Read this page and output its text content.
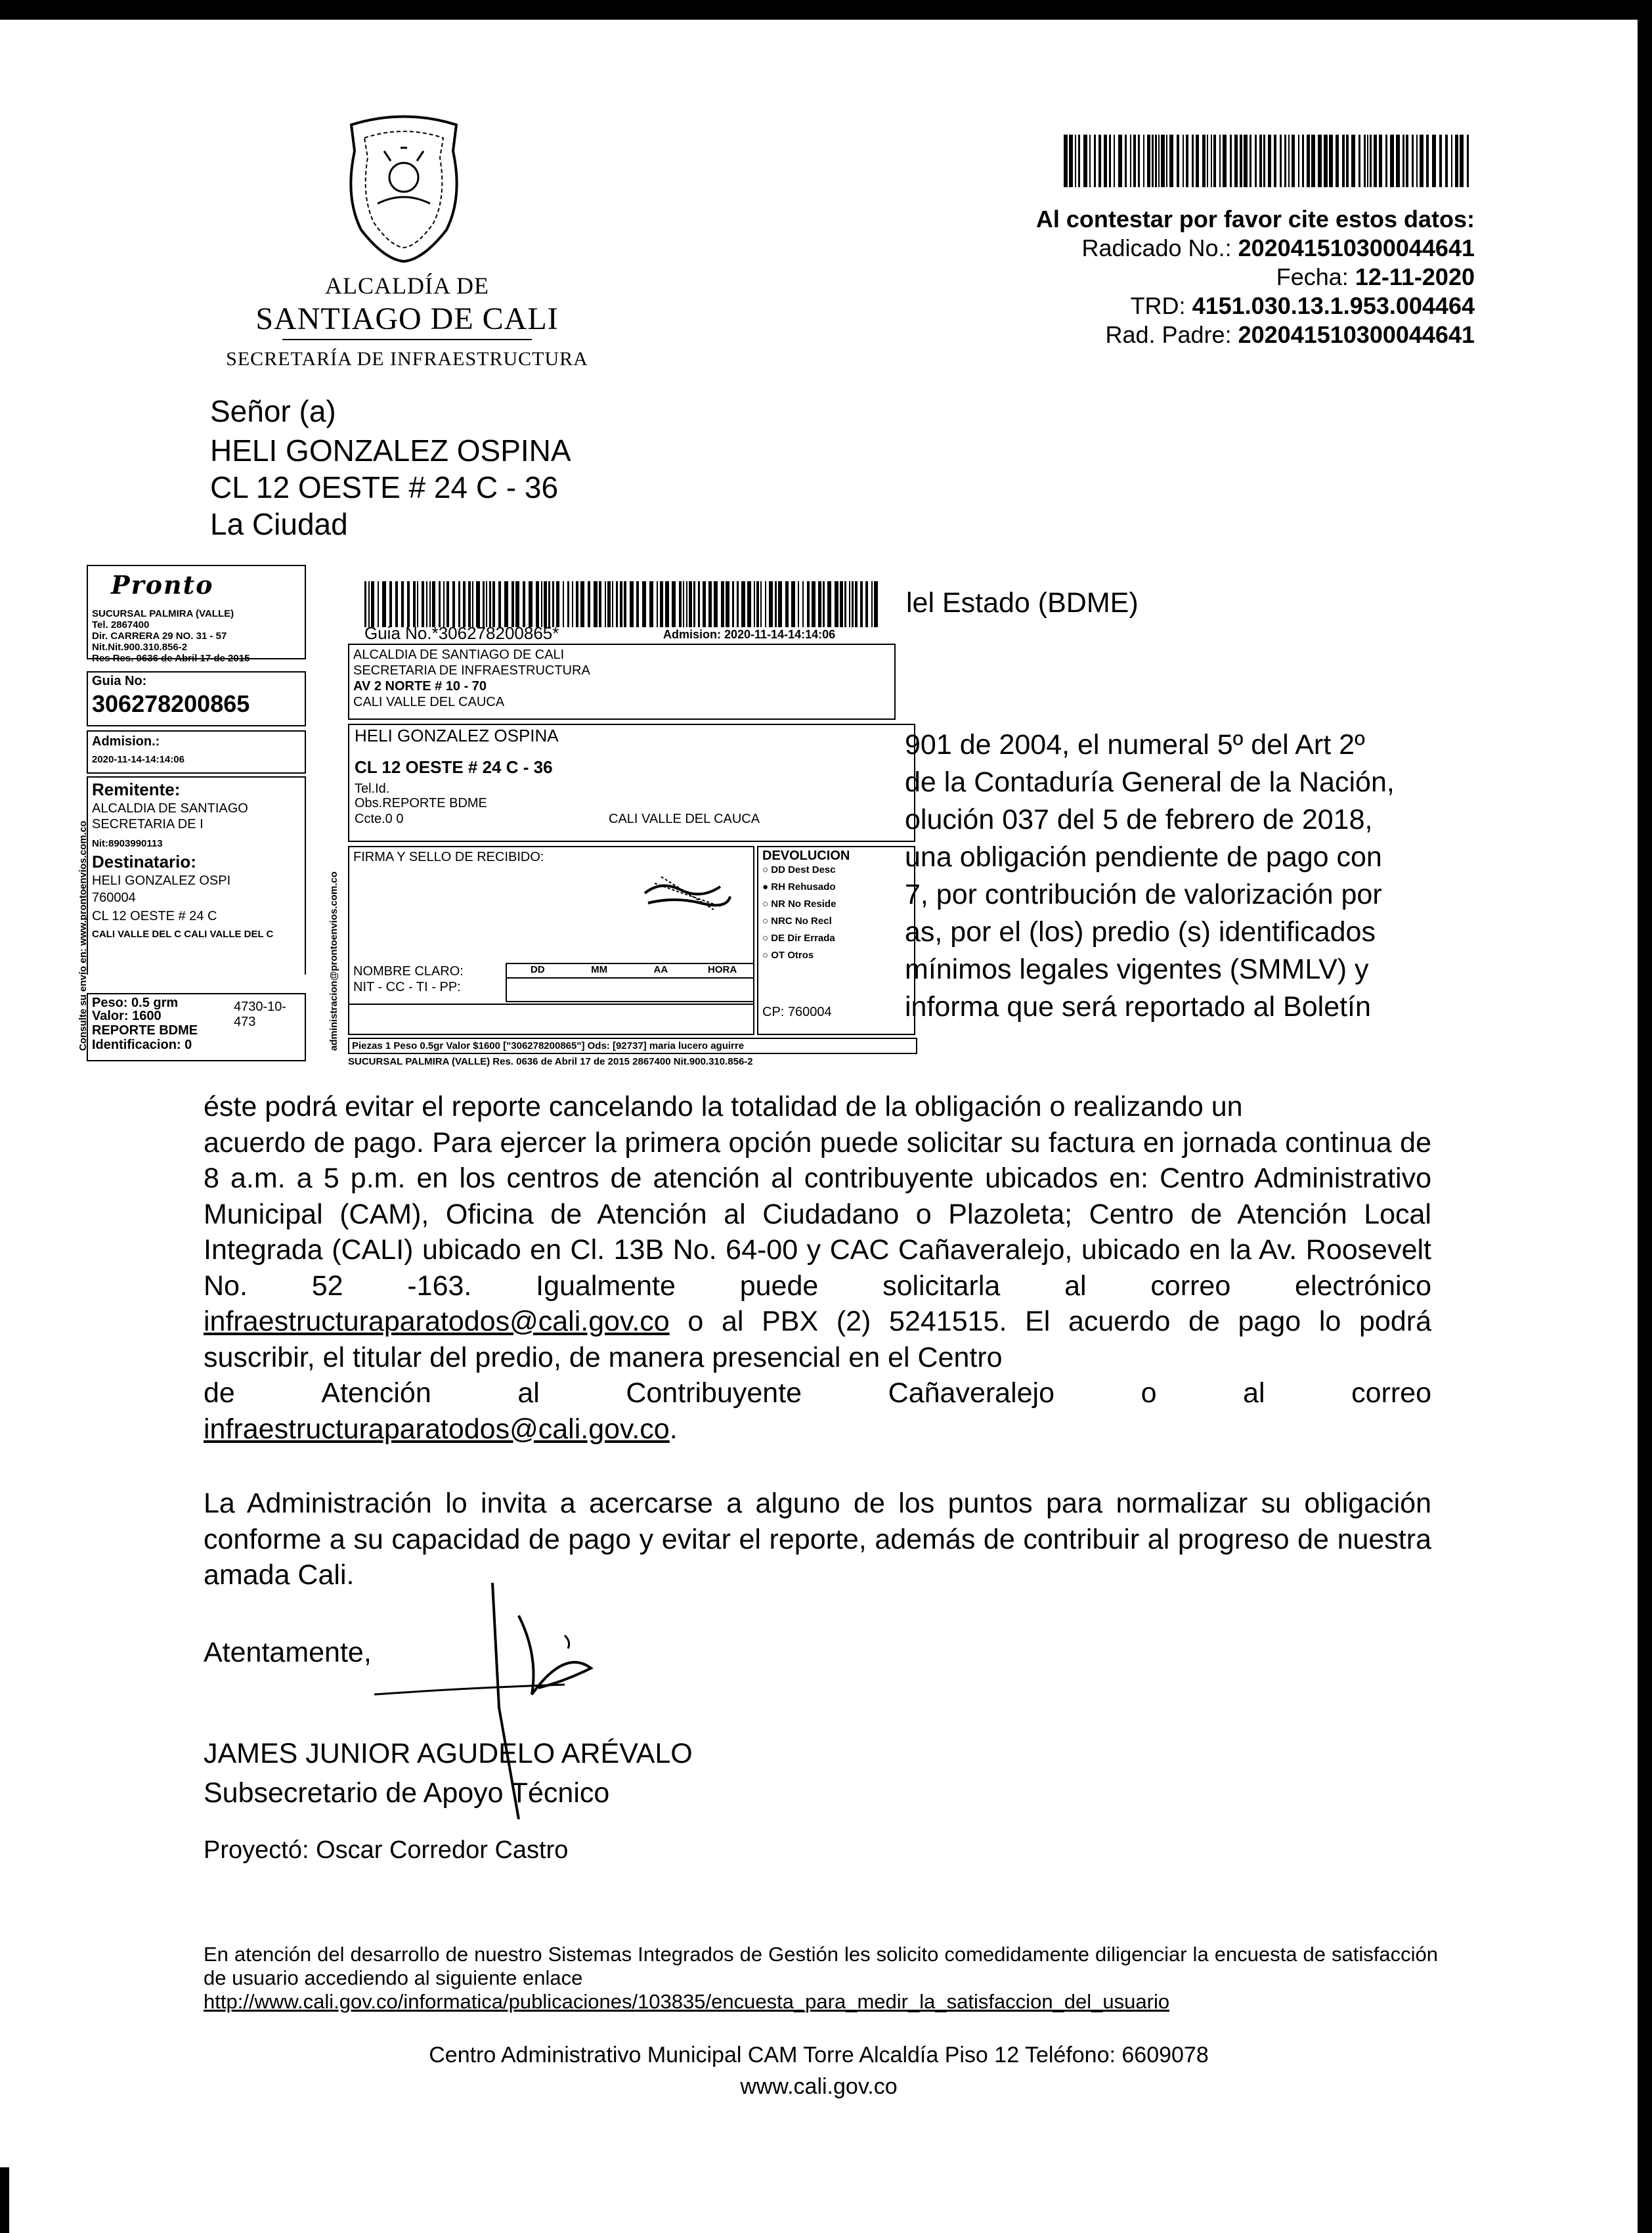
ALCALDÍA DE
SANTIAGO DE CALI
SECRETARÍA DE INFRAESTRUCTURA
Al contestar por favor cite estos datos:
Radicado No.: 202041510300044641
Fecha: 12-11-2020
TRD: 4151.030.13.1.953.004464
Rad. Padre: 202041510300044641
Señor (a)
HELI GONZALEZ OSPINA
CL 12 OESTE # 24 C - 36
La Ciudad
Pronto
SUCURSAL PALMIRA (VALLE)
Tel. 2867400
Dir. CARRERA 29 NO. 31 - 57
Nit.Nit.900.310.856-2
Res Res. 0636 de Abril 17 de 2015
Guia No:
306278200865
Admision.:
2020-11-14-14:14:06
Remitente:
ALCALDIA DE SANTIAGO
SECRETARIA DE I
Nit:8903990113
Destinatario:
HELI GONZALEZ OSPI
760004
CL 12 OESTE # 24 C
CALI VALLE DEL C CALI VALLE DEL C
Peso: 0.5 grm
Valor: 1600
4730-10-473
REPORTE BDME
Identificacion: 0
Consulte su envío en: www.prontoenvios.com.co	administracion@prontoenvios.com.co
Guia No.*306278200865*	Admision: 2020-11-14-14:14:06
ALCALDIA DE SANTIAGO DE CALI
SECRETARIA DE INFRAESTRUCTURA
AV 2 NORTE # 10 - 70
CALI VALLE DEL CAUCA
HELI GONZALEZ OSPINA
CL 12 OESTE # 24 C - 36
Tel.Id.
Obs.REPORTE BDME
Ccte.0 0	CALI VALLE DEL CAUCA
FIRMA Y SELLO DE RECIBIDO:
NOMBRE CLARO:
NIT - CC - TI - PP:
DD	MM	AA	HORA
DEVOLUCION
○ DD Dest Desc
● RH Rehusado
○ NR No Reside
○ NRC No Recl
○ DE Dir Errada
○ OT Otros
CP: 760004
Piezas 1 Peso 0.5gr Valor $1600 ["306278200865"] Ods: [92737] maria lucero aguirre
SUCURSAL PALMIRA (VALLE) Res. 0636 de Abril 17 de 2015 2867400 Nit.900.310.856-2
lel Estado (BDME)
901 de 2004, el numeral 5º del Art 2º
de la Contaduría General de la Nación,
olución 037 del 5 de febrero de 2018,
una obligación pendiente de pago con
7, por contribución de valorización por
as, por el (los) predio (s) identificados
mínimos legales vigentes (SMMLV) y
informa que será reportado al Boletín
éste podrá evitar el reporte cancelando la totalidad de la obligación o realizando un
acuerdo de pago. Para ejercer la primera opción puede solicitar su factura en jornada continua de 8 a.m. a 5 p.m. en los centros de atención al contribuyente ubicados en: Centro Administrativo Municipal (CAM), Oficina de Atención al Ciudadano o Plazoleta; Centro de Atención Local Integrada (CALI) ubicado en Cl. 13B No. 64-00 y CAC Cañaveralejo, ubicado en la Av. Roosevelt No. 52 -163. Igualmente puede solicitarla al correo electrónico infraestructuraparatodos@cali.gov.co o al PBX (2) 5241515. El acuerdo de pago lo podrá suscribir, el titular del predio, de manera presencial en el Centro
de	Atención	al	Contribuyente	Cañaveralejo	o	al	correo
infraestructuraparatodos@cali.gov.co.
La Administración lo invita a acercarse a alguno de los puntos para normalizar su obligación conforme a su capacidad de pago y evitar el reporte, además de contribuir al progreso de nuestra amada Cali.
Atentamente,
JAMES JUNIOR AGUDELO ARÉVALO
Subsecretario de Apoyo Técnico
Proyectó: Oscar Corredor Castro
En atención del desarrollo de nuestro Sistemas Integrados de Gestión les solicito comedidamente diligenciar la encuesta de satisfacción de usuario accediendo al siguiente enlace
http://www.cali.gov.co/informatica/publicaciones/103835/encuesta_para_medir_la_satisfaccion_del_usuario
Centro Administrativo Municipal CAM Torre Alcaldía Piso 12 Teléfono: 6609078
www.cali.gov.co
